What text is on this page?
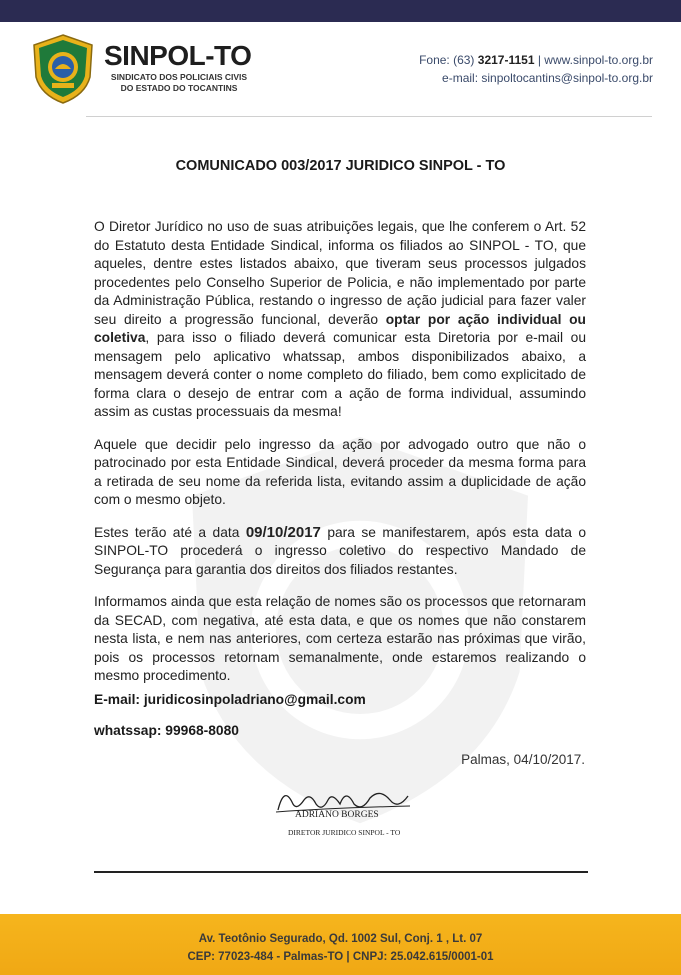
SINPOL-TO
SINDICATO DOS POLICIAIS CIVIS
DO ESTADO DO TOCANTINS
Fone: (63) 3217-1151 | www.sinpol-to.org.br
e-mail: sinpoltocantins@sinpol-to.org.br
COMUNICADO 003/2017 JURIDICO SINPOL - TO

O Diretor Jurídico no uso de suas atribuições legais, que lhe conferem o Art. 52 do Estatuto desta Entidade Sindical, informa os filiados ao SINPOL - TO, que aqueles, dentre estes listados abaixo, que tiveram seus processos julgados procedentes pelo Conselho Superior de Policia, e não implementado por parte da Administração Pública, restando o ingresso de ação judicial para fazer valer seu direito a progressão funcional, deverão optar por ação individual ou coletiva, para isso o filiado deverá comunicar esta Diretoria por e-mail ou mensagem pelo aplicativo whatssap, ambos disponibilizados abaixo, a mensagem deverá conter o nome completo do filiado, bem como explicitado de forma clara o desejo de entrar com a ação de forma individual, assumindo assim as custas processuais da mesma!

Aquele que decidir pelo ingresso da ação por advogado outro que não o patrocinado por esta Entidade Sindical, deverá proceder da mesma forma para a retirada de seu nome da referida lista, evitando assim a duplicidade de ação com o mesmo objeto.

Estes terão até a data 09/10/2017 para se manifestarem, após esta data o SINPOL-TO procederá o ingresso coletivo do respectivo Mandado de Segurança para garantia dos direitos dos filiados restantes.

Informamos ainda que esta relação de nomes são os processos que retornaram da SECAD, com negativa, até esta data, e que os nomes que não constarem nesta lista, e nem nas anteriores, com certeza estarão nas próximas que virão, pois os processos retornam semanalmente, onde estaremos realizando o mesmo procedimento.

E-mail: juridicosinpoladriano@gmail.com
whatssap: 99968-8080
Palmas, 04/10/2017.
ADRIANO BORGES
DIRETOR JURIDICO SINPOL - TO
Av. Teotônio Segurado, Qd. 1002 Sul, Conj. 1 , Lt. 07
CEP: 77023-484 - Palmas-TO | CNPJ: 25.042.615/0001-01
